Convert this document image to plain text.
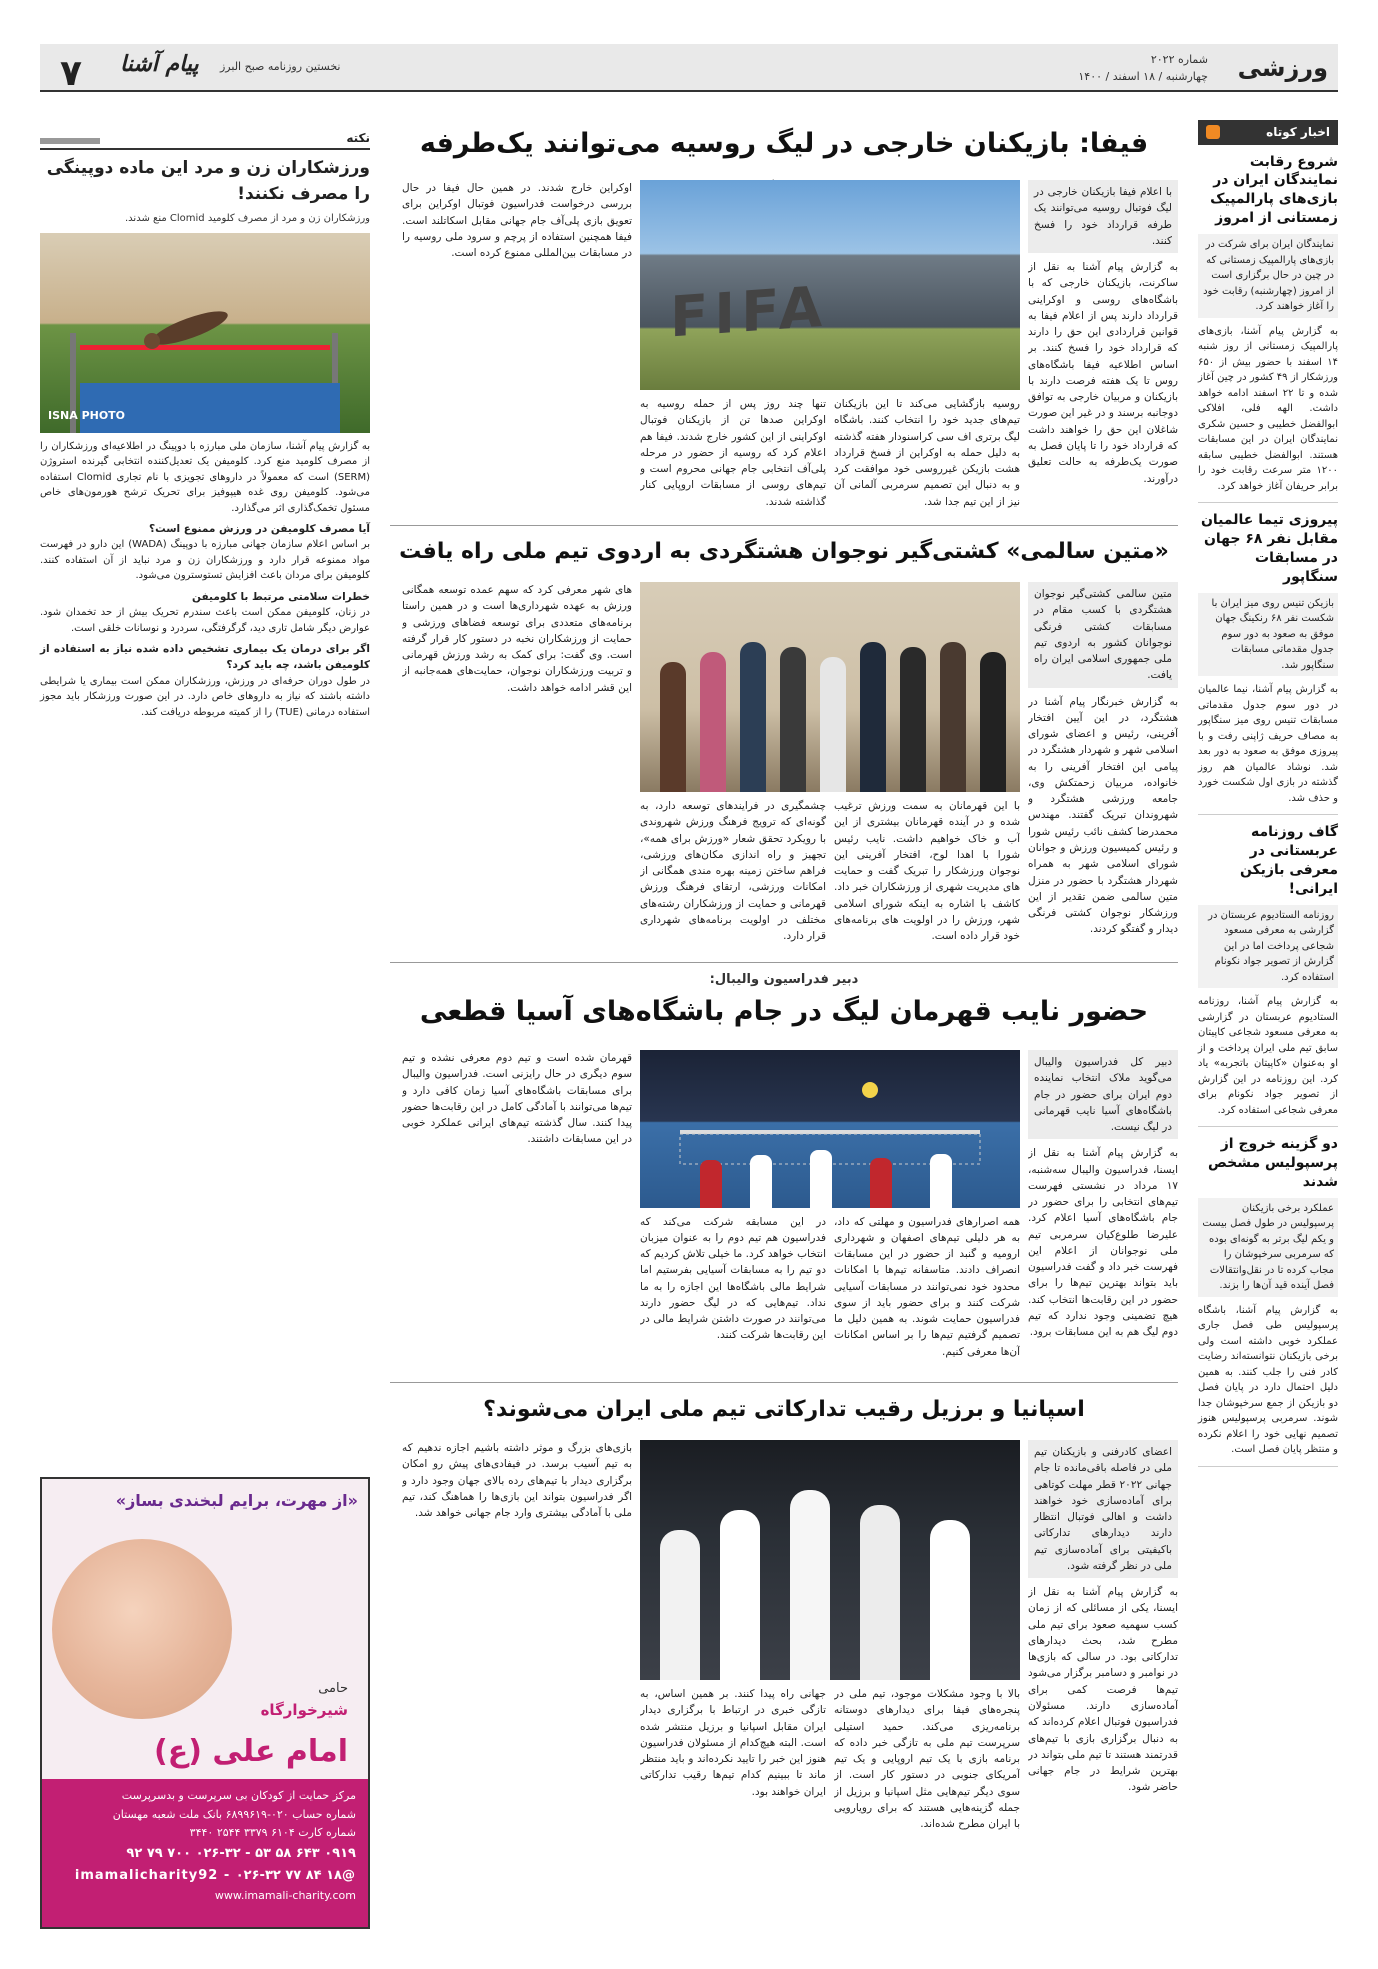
ورزشی
شماره ۲۰۲۲
چهارشنبه / ۱۸ اسفند / ۱۴۰۰
۷ پیام آشنا نخستین روزنامه صبح البرز
اخبار کوتاه
شروع رقابت نمایندگان ایران در بازی‌های پارالمپیک زمستانی از امروز
نمایندگان ایران برای شرکت در بازی‌های پارالمپیک زمستانی که در چین در حال برگزاری است از امروز (چهارشنبه) رقابت خود را آغاز خواهند کرد.

به گزارش پیام آشنا، بازی‌های پارالمپیک زمستانی از روز شنبه ۱۴ اسفند با حضور بیش از ۶۵۰ ورزشکار از ۴۹ کشور در چین آغاز شده و تا ۲۲ اسفند ادامه خواهد داشت. الهه فلی، افلاکی ابوالفضل خطیبی و حسین شکری نمایندگان ایران در این مسابقات هستند. ابوالفضل خطیبی سابقه ۱۲۰۰ متر سرعت رقابت خود را برابر حریفان آغاز خواهد کرد.

پیروزی تیما عالمیان مقابل نفر ۶۸ جهان در مسابقات سنگاپور
بازیکن تنیس روی میز ایران با شکست نفر ۶۸ رنکینگ جهان موفق به صعود به دور سوم جدول مقدماتی مسابقات سنگاپور شد.

به گزارش پیام آشنا، نیما عالمیان در دور سوم جدول مقدماتی مسابقات تنیس روی میز سنگاپور به مصاف حریف ژاپنی رفت و با پیروزی موفق به صعود به دور بعد شد. نوشاد عالمیان هم روز گذشته در بازی اول شکست خورد و حذف شد.

گاف روزنامه عربستانی در معرفی بازیکن ایرانی!
روزنامه الستادیوم عربستان در گزارشی به معرفی مسعود شجاعی پرداخت اما در این گزارش از تصویر جواد نکونام استفاده کرد.

به گزارش پیام آشنا، روزنامه الستادیوم عربستان در گزارشی به معرفی مسعود شجاعی کاپیتان سابق تیم ملی ایران پرداخت و از او به‌عنوان «کاپیتان باتجربه» یاد کرد. این روزنامه در این گزارش از تصویر جواد نکونام برای معرفی شجاعی استفاده کرد.

دو گزینه خروج از پرسپولیس مشخص شدند
عملکرد برخی بازیکنان پرسپولیس در طول فصل بیست و یکم لیگ برتر به گونه‌ای بوده که سرمربی سرخپوشان را مجاب کرده تا در نقل‌وانتقالات فصل آینده قید آن‌ها را بزند.

به گزارش پیام آشنا، باشگاه پرسپولیس طی فصل جاری عملکرد خوبی داشته است ولی برخی بازیکنان نتوانسته‌اند رضایت کادر فنی را جلب کنند. به همین دلیل احتمال دارد در پایان فصل دو بازیکن از جمع سرخپوشان جدا شوند. سرمربی پرسپولیس هنوز تصمیم نهایی خود را اعلام نکرده و منتظر پایان فصل است.

نکته
ورزشکاران زن و مرد این ماده دوپینگی را مصرف نکنند!
ورزشکاران زن و مرد از مصرف کلومید Clomid منع شدند.
ISNA PHOTO

به گزارش پیام آشنا، سازمان ملی مبارزه با دوپینگ در اطلاعیه‌ای ورزشکاران را از مصرف کلومید منع کرد. کلومیفن یک تعدیل‌کننده انتخابی گیرنده استروژن (SERM) است که معمولاً در داروهای تجویزی با نام تجاری Clomid استفاده می‌شود. کلومیفن روی غده هیپوفیز برای تحریک ترشح هورمون‌های خاص مسئول تخمک‌گذاری اثر می‌گذارد.

آیا مصرف کلومیفن در ورزش ممنوع است؟

بر اساس اعلام سازمان جهانی مبارزه با دوپینگ (WADA) این دارو در فهرست مواد ممنوعه قرار دارد و ورزشکاران زن و مرد نباید از آن استفاده کنند. کلومیفن برای مردان باعث افزایش تستوسترون می‌شود.

خطرات سلامتی مرتبط با کلومیفن

در زنان، کلومیفن ممکن است باعث سندرم تحریک بیش از حد تخمدان شود. عوارض دیگر شامل تاری دید، گرگرفتگی، سردرد و نوسانات خلقی است.

اگر برای درمان یک بیماری تشخیص داده شده نیاز به استفاده از کلومیفن باشد، چه باید کرد؟

در طول دوران حرفه‌ای در ورزش، ورزشکاران ممکن است بیماری یا شرایطی داشته باشند که نیاز به داروهای خاص دارد. در این صورت ورزشکار باید مجوز استفاده درمانی (TUE) را از کمیته مربوطه دریافت کند.

«از مهرت، برایم لبخندی بساز»
حامی
شیرخوارگاه
امام علی (ع)
مرکز حمایت از کودکان بی سرپرست و بدسرپرست
شماره حساب ۰۲۰-۶۸۹۹۶۱۹ بانک ملت شعبه مهستان
شماره کارت ۶۱۰۴ ۳۳۷۹ ۲۵۴۴ ۳۴۴۰
۰۹۱۹ ۶۴۳ ۵۸ ۵۳ - ۰۲۶-۳۲ ۷۰۰ ۷۹ ۹۲
@imamalicharity92 - ۰۲۶-۳۲ ۷۷ ۸۴ ۱۸
www.imamali-charity.com
فیفا: بازیکنان خارجی در لیگ روسیه می‌توانند یک‌طرفه
با اعلام فیفا بازیکنان خارجی در لیگ فوتبال روسیه می‌توانند یک طرفه قرارداد خود را فسخ کنند.
به گزارش پیام آشنا به نقل از ساکرنت، بازیکنان خارجی که با باشگاه‌های روسی و اوکراینی قرارداد دارند پس از اعلام فیفا به قوانین قراردادی این حق را دارند که قرارداد خود را فسخ کنند. بر اساس اطلاعیه فیفا باشگاه‌های روس تا یک هفته فرصت دارند با بازیکنان و مربیان خارجی به توافق دوجانبه برسند و در غیر این صورت شاغلان این حق را خواهند داشت که قرارداد خود را تا پایان فصل به صورت یک‌طرفه به حالت تعلیق درآورند.
FIFA
روسیه بازگشایی می‌کند تا این بازیکنان تیم‌های جدید خود را انتخاب کنند. باشگاه لیگ برتری اف سی کراسنودار هفته گذشته به دلیل حمله به اوکراین از فسخ قرارداد هشت بازیکن غیرروسی خود موافقت کرد و به دنبال این تصمیم سرمربی آلمانی آن نیز از این تیم جدا شد.
تنها چند روز پس از حمله روسیه به اوکراین صدها تن از بازیکنان فوتبال اوکراینی از این کشور خارج شدند. فیفا هم اعلام کرد که روسیه از حضور در مرحله پلی‌آف انتخابی جام جهانی محروم است و تیم‌های روسی از مسابقات اروپایی کنار گذاشته شدند.
اوکراین خارج شدند. در همین حال فیفا در حال بررسی درخواست فدراسیون فوتبال اوکراین برای تعویق بازی پلی‌آف جام جهانی مقابل اسکاتلند است. فیفا همچنین استفاده از پرچم و سرود ملی روسیه را در مسابقات بین‌المللی ممنوع کرده است.
«متین سالمی» کشتی‌گیر نوجوان هشتگردی به اردوی تیم ملی راه یافت
متین سالمی کشتی‌گیر نوجوان هشتگردی با کسب مقام در مسابقات کشتی فرنگی نوجوانان کشور به اردوی تیم ملی جمهوری اسلامی ایران راه یافت.
به گزارش خبرنگار پیام آشنا در هشتگرد، در این آیین افتخار آفرینی، رئیس و اعضای شورای اسلامی شهر و شهردار هشتگرد در پیامی این افتخار آفرینی را به خانواده، مربیان زحمتکش وی، جامعه ورزشی هشتگرد و شهروندان تبریک گفتند. مهندس محمدرضا کشف نائب رئیس شورا و رئیس کمیسیون ورزش و جوانان شورای اسلامی شهر به همراه شهردار هشتگرد با حضور در منزل متین سالمی ضمن تقدیر از این ورزشکار نوجوان کشتی فرنگی دیدار و گفتگو کردند.
با این قهرمانان به سمت ورزش ترغیب شده و در آینده قهرمانان بیشتری از این آب و خاک خواهیم داشت. نایب رئیس شورا با اهدا لوح، افتخار آفرینی این نوجوان ورزشکار را تبریک گفت و حمایت های مدیریت شهری از ورزشکاران خبر داد. کاشف با اشاره به اینکه شورای اسلامی شهر، ورزش را در اولویت های برنامه‌های خود قرار داده است.
چشمگیری در فرایندهای توسعه دارد، به گونه‌ای که ترویج فرهنگ ورزش شهروندی با رویکرد تحقق شعار «ورزش برای همه»، تجهیز و راه اندازی مکان‌های ورزشی، فراهم ساختن زمینه بهره مندی همگانی از امکانات ورزشی، ارتقای فرهنگ ورزش قهرمانی و حمایت از ورزشکاران رشته‌های مختلف در اولویت برنامه‌های شهرداری قرار دارد.
های شهر معرفی کرد که سهم عمده توسعه همگانی ورزش به عهده شهرداری‌ها است و در همین راستا برنامه‌های متعددی برای توسعه فضاهای ورزشی و حمایت از ورزشکاران نخبه در دستور کار قرار گرفته است. وی گفت: برای کمک به رشد ورزش قهرمانی و تربیت ورزشکاران نوجوان، حمایت‌های همه‌جانبه از این قشر ادامه خواهد داشت.
دبیر فدراسیون والیبال:
حضور نایب قهرمان لیگ در جام باشگاه‌های آسیا قطعی
دبیر کل فدراسیون والیبال می‌گوید ملاک انتخاب نماینده دوم ایران برای حضور در جام باشگاه‌های آسیا نایب قهرمانی در لیگ نیست.
به گزارش پیام آشنا به نقل از ایسنا، فدراسیون والیبال سه‌شنبه، ۱۷ مرداد در نشستی فهرست تیم‌های انتخابی را برای حضور در جام باشگاه‌های آسیا اعلام کرد. علیرضا طلوع‌کیان سرمربی تیم ملی نوجوانان از اعلام این فهرست خبر داد و گفت فدراسیون باید بتواند بهترین تیم‌ها را برای حضور در این رقابت‌ها انتخاب کند. هیچ تضمینی وجود ندارد که تیم دوم لیگ هم به این مسابقات برود.
همه اصرارهای فدراسیون و مهلتی که داد، به هر دلیلی تیم‌های اصفهان و شهرداری ارومیه و گنبد از حضور در این مسابقات انصراف دادند. متاسفانه تیم‌ها با امکانات محدود خود نمی‌توانند در مسابقات آسیایی شرکت کنند و برای حضور باید از سوی فدراسیون حمایت شوند. به همین دلیل ما تصمیم گرفتیم تیم‌ها را بر اساس امکانات آن‌ها معرفی کنیم.
در این مسابقه شرکت می‌کند که فدراسیون هم تیم دوم را به عنوان میزبان انتخاب خواهد کرد. ما خیلی تلاش کردیم که دو تیم را به مسابقات آسیایی بفرستیم اما شرایط مالی باشگاه‌ها این اجازه را به ما نداد. تیم‌هایی که در لیگ حضور دارند می‌توانند در صورت داشتن شرایط مالی در این رقابت‌ها شرکت کنند.
قهرمان شده است و تیم دوم معرفی نشده و تیم سوم دیگری در حال رایزنی است. فدراسیون والیبال برای مسابقات باشگاه‌های آسیا زمان کافی دارد و تیم‌ها می‌توانند با آمادگی کامل در این رقابت‌ها حضور پیدا کنند. سال گذشته تیم‌های ایرانی عملکرد خوبی در این مسابقات داشتند.
اسپانیا و برزیل رقیب تدارکاتی تیم ملی ایران می‌شوند؟
اعضای کادرفنی و بازیکنان تیم ملی در فاصله باقی‌مانده تا جام جهانی ۲۰۲۲ قطر مهلت کوتاهی برای آماده‌سازی خود خواهند داشت و اهالی فوتبال انتظار دارند دیدارهای تدارکاتی باکیفیتی برای آماده‌سازی تیم ملی در نظر گرفته شود.
به گزارش پیام آشنا به نقل از ایسنا، یکی از مسائلی که از زمان کسب سهمیه صعود برای تیم ملی مطرح شد، بحث دیدارهای تدارکاتی بود. در سالی که بازی‌ها در نوامبر و دسامبر برگزار می‌شود تیم‌ها فرصت کمی برای آماده‌سازی دارند. مسئولان فدراسیون فوتبال اعلام کرده‌اند که به دنبال برگزاری بازی با تیم‌های قدرتمند هستند تا تیم ملی بتواند در بهترین شرایط در جام جهانی حاضر شود.
بالا با وجود مشکلات موجود، تیم ملی در پنجره‌های فیفا برای دیدارهای دوستانه برنامه‌ریزی می‌کند. حمید استیلی سرپرست تیم ملی به تازگی خبر داده که برنامه بازی با یک تیم اروپایی و یک تیم آمریکای جنوبی در دستور کار است. از سوی دیگر تیم‌هایی مثل اسپانیا و برزیل از جمله گزینه‌هایی هستند که برای رویارویی با ایران مطرح شده‌اند.
جهانی راه پیدا کنند. بر همین اساس، به تازگی خبری در ارتباط با برگزاری دیدار ایران مقابل اسپانیا و برزیل منتشر شده است. البته هیچ‌کدام از مسئولان فدراسیون هنوز این خبر را تایید نکرده‌اند و باید منتظر ماند تا ببینیم کدام تیم‌ها رقیب تدارکاتی ایران خواهند بود.
بازی‌های بزرگ و موثر داشته باشیم اجازه ندهیم که به تیم آسیب برسد. در فیفادی‌های پیش رو امکان برگزاری دیدار با تیم‌های رده بالای جهان وجود دارد و اگر فدراسیون بتواند این بازی‌ها را هماهنگ کند، تیم ملی با آمادگی بیشتری وارد جام جهانی خواهد شد.
